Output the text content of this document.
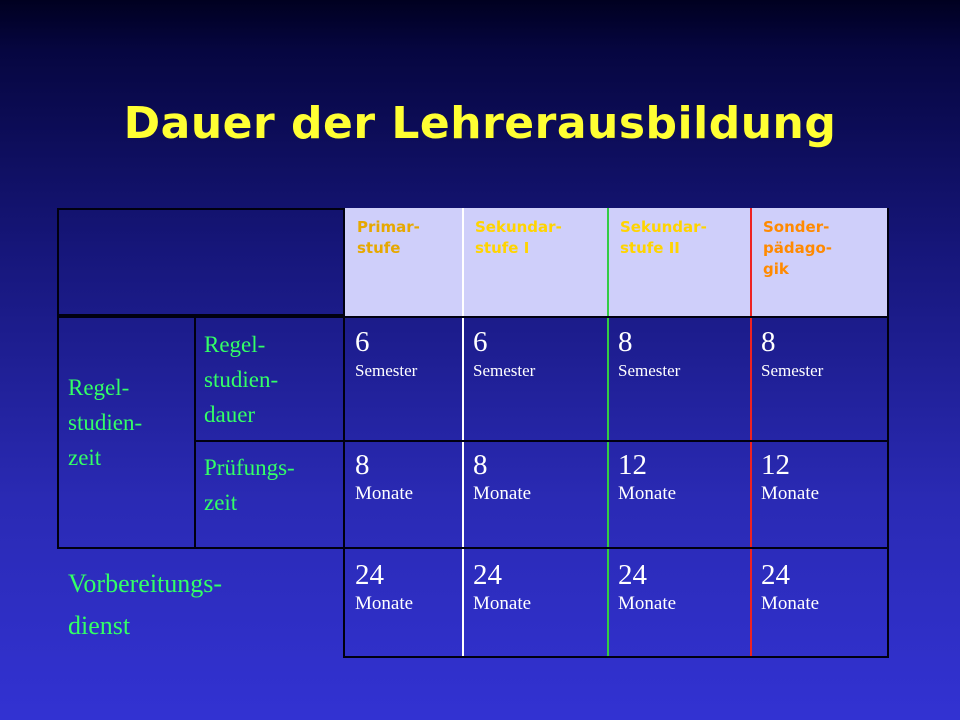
Dauer der Lehrerausbildung
Primar-
stufe
Sekundar-
stufe I
Sekundar-
stufe II
Sonder-
pädago-
gik
Regel-
studien-
zeit
Regel-
studien-
dauer
6
Semester
6
Semester
8
Semester
8
Semester
Prüfungs-
zeit
8
Monate
8
Monate
12
Monate
12
Monate
Vorbereitungs-
dienst
24
Monate
24
Monate
24
Monate
24
Monate
